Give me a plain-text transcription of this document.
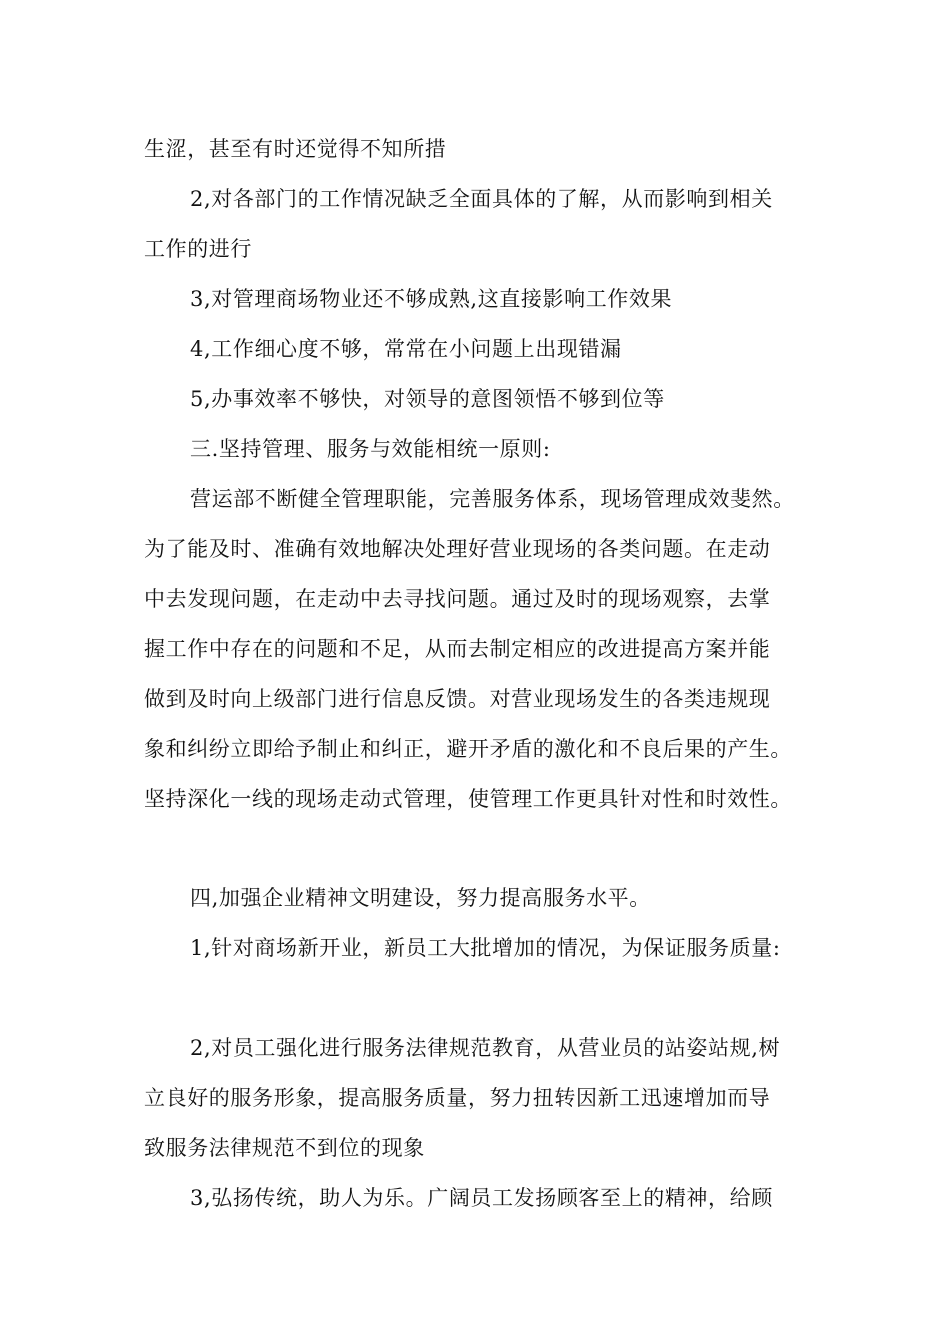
生涩，甚至有时还觉得不知所措
2,对各部门的工作情况缺乏全面具体的了解，从而影响到相关
工作的进行
3,对管理商场物业还不够成熟,这直接影响工作效果
4,工作细心度不够，常常在小问题上出现错漏
5,办事效率不够快，对领导的意图领悟不够到位等
三.坚持管理、服务与效能相统一原则:
营运部不断健全管理职能，完善服务体系，现场管理成效斐然。
为了能及时、准确有效地解决处理好营业现场的各类问题。在走动
中去发现问题，在走动中去寻找问题。通过及时的现场观察，去掌
握工作中存在的问题和不足，从而去制定相应的改进提高方案并能
做到及时向上级部门进行信息反馈。对营业现场发生的各类违规现
象和纠纷立即给予制止和纠正，避开矛盾的激化和不良后果的产生。
坚持深化一线的现场走动式管理，使管理工作更具针对性和时效性。
四,加强企业精神文明建设，努力提高服务水平。
1,针对商场新开业，新员工大批增加的情况，为保证服务质量:
2,对员工强化进行服务法律规范教育，从营业员的站姿站规,树
立良好的服务形象，提高服务质量，努力扭转因新工迅速增加而导
致服务法律规范不到位的现象
3,弘扬传统，助人为乐。广阔员工发扬顾客至上的精神，给顾
